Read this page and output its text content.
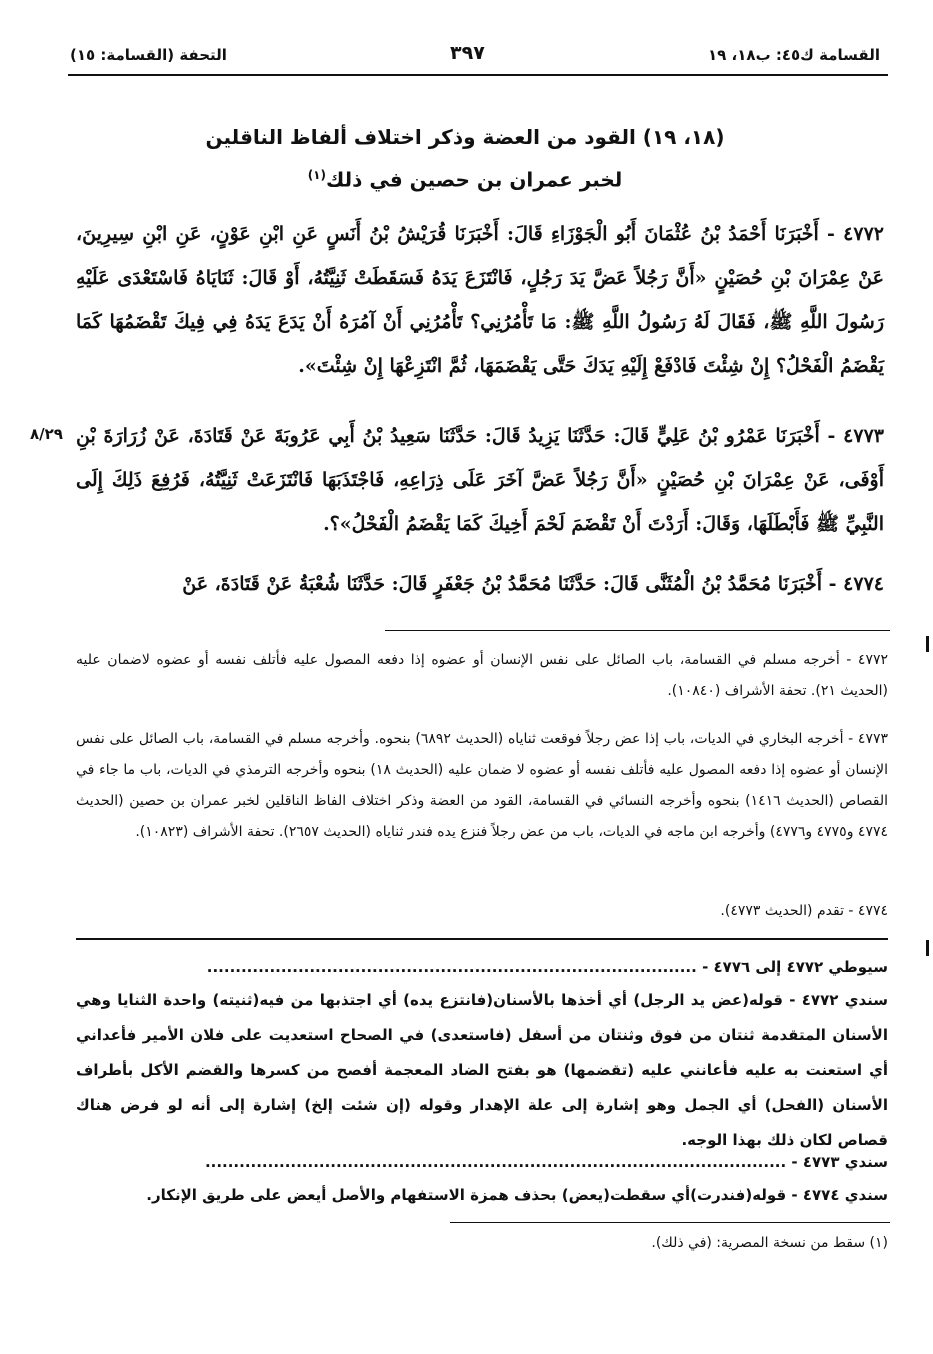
القسامة ك٤٥: ب١٨، ١٩
٣٩٧
التحفة (القسامة: ١٥)
(١٨، ١٩) القود من العضة وذكر اختلاف ألفاظ الناقلين
لخبر عمران بن حصين في ذلك$^{(١)}$
٤٧٧٢ - أَخْبَرَنَا أَحْمَدُ بْنُ عُثْمَانَ أَبُو الْجَوْزَاءِ قَالَ: أَخْبَرَنَا قُرَيْشُ بْنُ أَنَسٍ عَنِ ابْنِ عَوْنٍ، عَنِ ابْنِ سِيرِينَ، عَنْ عِمْرَانَ بْنِ حُصَيْنٍ «أَنَّ رَجُلاً عَضَّ يَدَ رَجُلٍ، فَانْتَزَعَ يَدَهُ فَسَقَطَتْ ثَنِيَّتُهُ، أَوْ قَالَ: ثَنَايَاهُ فَاسْتَعْدَى عَلَيْهِ رَسُولَ اللَّهِ ﷺ، فَقَالَ لَهُ رَسُولُ اللَّهِ ﷺ: مَا تَأْمُرُنِي؟ تَأْمُرُنِي أَنْ آمُرَهُ أَنْ يَدَعَ يَدَهُ فِي فِيكَ تَقْضَمُهَا كَمَا يَقْضَمُ الْفَحْلُ؟ إِنْ شِئْتَ فَادْفَعْ إِلَيْهِ يَدَكَ حَتَّى يَقْضَمَهَا، ثُمَّ انْتَزِعْهَا إِنْ شِئْتَ».
٨/٢٩	٤٧٧٣ - أَخْبَرَنَا عَمْرُو بْنُ عَلِيٍّ قَالَ: حَدَّثَنَا يَزِيدُ قَالَ: حَدَّثَنَا سَعِيدُ بْنُ أَبِي عَرُوبَةَ عَنْ قَتَادَةَ، عَنْ زُرَارَةَ بْنِ أَوْفَى، عَنْ عِمْرَانَ بْنِ حُصَيْنٍ «أَنَّ رَجُلاً عَضَّ آخَرَ عَلَى ذِرَاعِهِ، فَاجْتَذَبَهَا فَانْتَزَعَتْ ثَنِيَّتُهُ، فَرُفِعَ ذَلِكَ إِلَى النَّبِيِّ ﷺ فَأَبْطَلَهَا، وَقَالَ: أَرَدْتَ أَنْ تَقْضَمَ لَحْمَ أَخِيكَ كَمَا يَقْضَمُ الْفَحْلُ»؟.
٤٧٧٤ - أَخْبَرَنَا مُحَمَّدُ بْنُ الْمُثَنَّى قَالَ: حَدَّثَنَا مُحَمَّدُ بْنُ جَعْفَرٍ قَالَ: حَدَّثَنَا شُعْبَةُ عَنْ قَتَادَةَ، عَنْ
٤٧٧٢ - أخرجه مسلم في القسامة، باب الصائل على نفس الإنسان أو عضوه إذا دفعه المصول عليه فأتلف نفسه أو عضوه لاضمان عليه (الحديث ٢١). تحفة الأشراف (١٠٨٤٠).
٤٧٧٣ - أخرجه البخاري في الديات، باب إذا عض رجلاً فوقعت ثناياه (الحديث ٦٨٩٢) بنحوه. وأخرجه مسلم في القسامة، باب الصائل على نفس الإنسان أو عضوه إذا دفعه المصول عليه فأتلف نفسه أو عضوه لا ضمان عليه (الحديث ١٨) بنحوه وأخرجه الترمذي في الديات، باب ما جاء في القصاص (الحديث ١٤١٦) بنحوه وأخرجه النسائي في القسامة، القود من العضة وذكر اختلاف الفاظ الناقلين لخبر عمران بن حصين (الحديث ٤٧٧٤ و٤٧٧٥ و٤٧٧٦) وأخرجه ابن ماجه في الديات، باب من عض رجلاً فنزع يده فندر ثناياه (الحديث ٢٦٥٧). تحفة الأشراف (١٠٨٢٣).
٤٧٧٤ - تقدم (الحديث ٤٧٧٣).
سيوطي ٤٧٧٢ إلى ٤٧٧٦ - ......................................................................................
سندي ٤٧٧٢ - قوله(عض يد الرجل) أي أخذها بالأسنان(فانتزع يده) أي اجتذبها من فيه(ثنيته) واحدة الثنايا وهي الأسنان المتقدمة ثنتان من فوق وثنتان من أسفل (فاستعدى) في الصحاح استعديت على فلان الأمير فأعداني أي استعنت به عليه فأعانني عليه (تقضمها) هو بفتح الضاد المعجمة أفصح من كسرها والقضم الأكل بأطراف الأسنان (الفحل) أي الجمل وهو إشارة إلى علة الإهدار وقوله (إن شئت إلخ) إشارة إلى أنه لو فرض هناك قصاص لكان ذلك بهذا الوجه.
سندي ٤٧٧٣ - ......................................................................................................
سندي ٤٧٧٤ - قوله(فندرت)أي سقطت(يعض) بحذف همزة الاستفهام والأصل أيعض على طريق الإنكار.
(١) سقط من نسخة المصرية: (في ذلك).
